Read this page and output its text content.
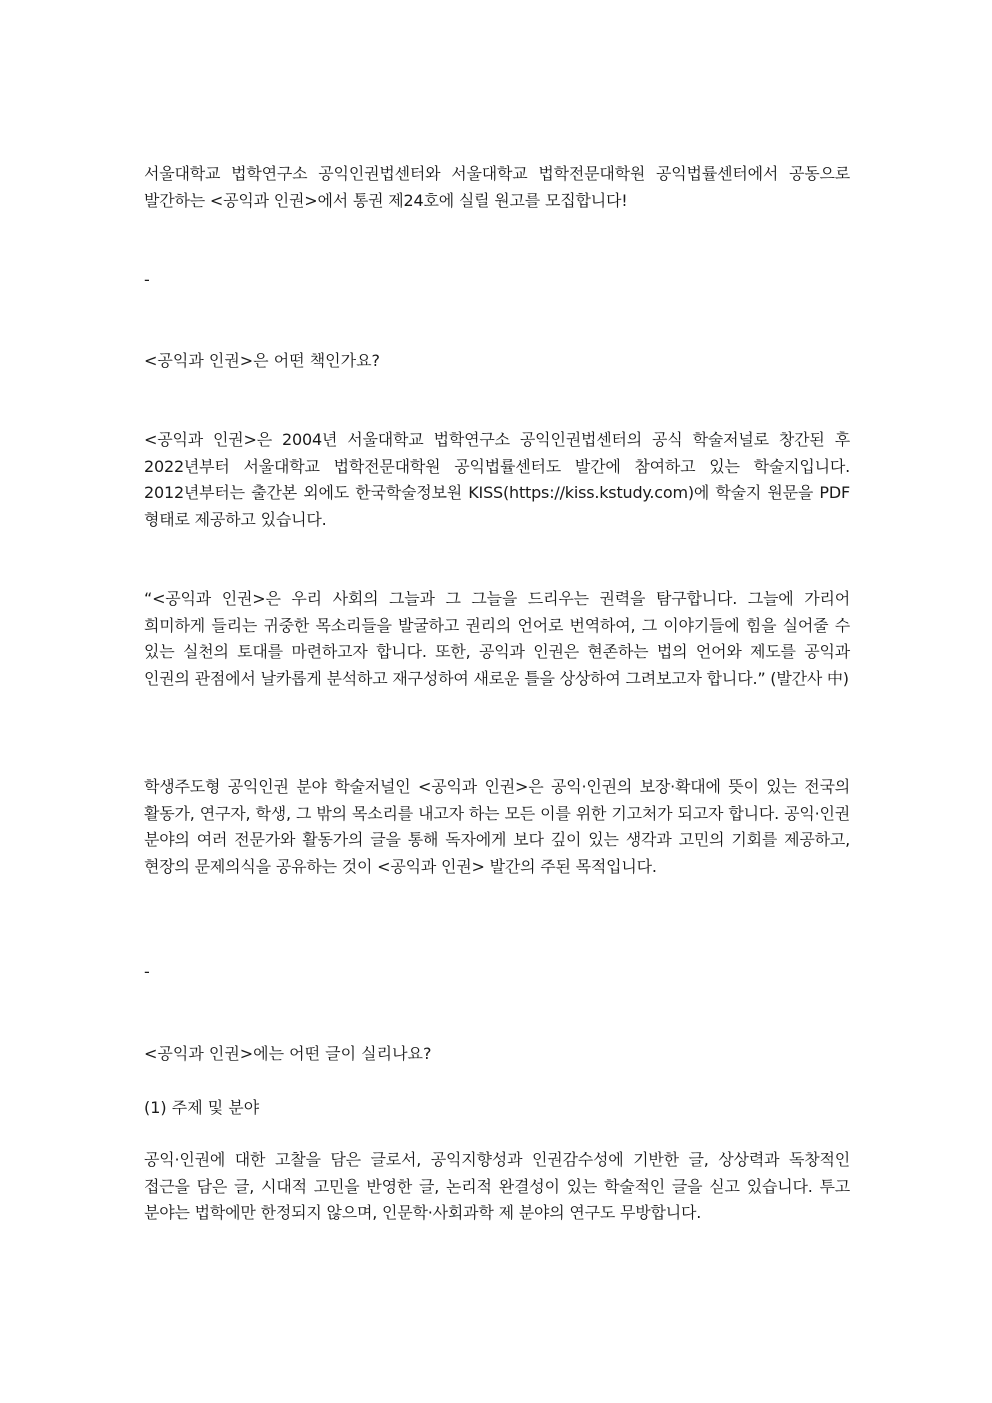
서울대학교 법학연구소 공익인권법센터와 서울대학교 법학전문대학원 공익법률센터에서 공동으로 발간하는 <공익과 인권>에서 통권 제24호에 실릴 원고를 모집합니다!

-

<공익과 인권>은 어떤 책인가요?

<공익과 인권>은 2004년 서울대학교 법학연구소 공익인권법센터의 공식 학술저널로 창간된 후 2022년부터 서울대학교 법학전문대학원 공익법률센터도 발간에 참여하고 있는 학술지입니다. 2012년부터는 출간본 외에도 한국학술정보원 KISS(https://kiss.kstudy.com)에 학술지 원문을 PDF 형태로 제공하고 있습니다.

“<공익과 인권>은 우리 사회의 그늘과 그 그늘을 드리우는 권력을 탐구합니다. 그늘에 가리어 희미하게 들리는 귀중한 목소리들을 발굴하고 권리의 언어로 번역하여, 그 이야기들에 힘을 실어줄 수 있는 실천의 토대를 마련하고자 합니다. 또한, 공익과 인권은 현존하는 법의 언어와 제도를 공익과 인권의 관점에서 날카롭게 분석하고 재구성하여 새로운 틀을 상상하여 그려보고자 합니다.” (발간사 中)

학생주도형 공익인권 분야 학술저널인 <공익과 인권>은 공익·인권의 보장·확대에 뜻이 있는 전국의 활동가, 연구자, 학생, 그 밖의 목소리를 내고자 하는 모든 이를 위한 기고처가 되고자 합니다. 공익·인권 분야의 여러 전문가와 활동가의 글을 통해 독자에게 보다 깊이 있는 생각과 고민의 기회를 제공하고, 현장의 문제의식을 공유하는 것이 <공익과 인권> 발간의 주된 목적입니다.

-

<공익과 인권>에는 어떤 글이 실리나요?

(1) 주제 및 분야

공익·인권에 대한 고찰을 담은 글로서, 공익지향성과 인권감수성에 기반한 글, 상상력과 독창적인 접근을 담은 글, 시대적 고민을 반영한 글, 논리적 완결성이 있는 학술적인 글을 싣고 있습니다. 투고 분야는 법학에만 한정되지 않으며, 인문학·사회과학 제 분야의 연구도 무방합니다.
